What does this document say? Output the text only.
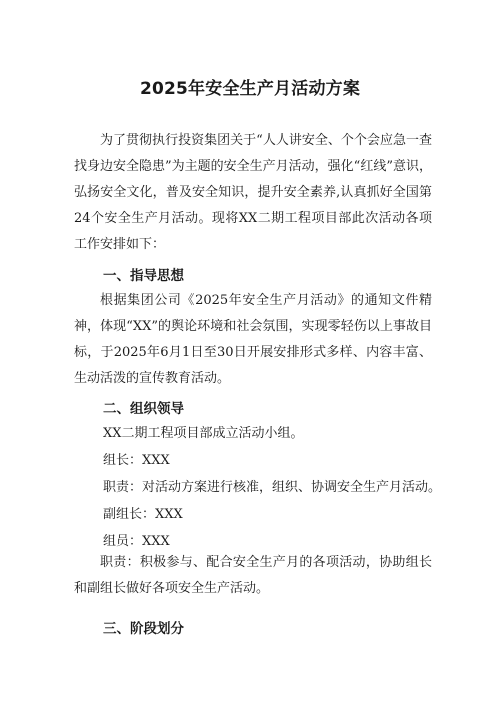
2025年安全生产月活动方案
为了贯彻执行投资集团关于“人人讲安全、个个会应急一查找身边安全隐患”为主题的安全生产月活动，强化“红线”意识，弘扬安全文化，普及安全知识，提升安全素养,认真抓好全国第24个安全生产月活动。现将XX二期工程项目部此次活动各项工作安排如下：
一、指导思想
根据集团公司《2025年安全生产月活动》的通知文件精神，体现“XX”的舆论环境和社会氛围，实现零轻伤以上事故目标，于2025年6月1日至30日开展安排形式多样、内容丰富、生动活泼的宣传教育活动。
二、组织领导
XX二期工程项目部成立活动小组。
组长：XXX
职责：对活动方案进行核准，组织、协调安全生产月活动。
副组长：XXX
组员：XXX
职责：积极参与、配合安全生产月的各项活动，协助组长和副组长做好各项安全生产活动。
三、阶段划分
